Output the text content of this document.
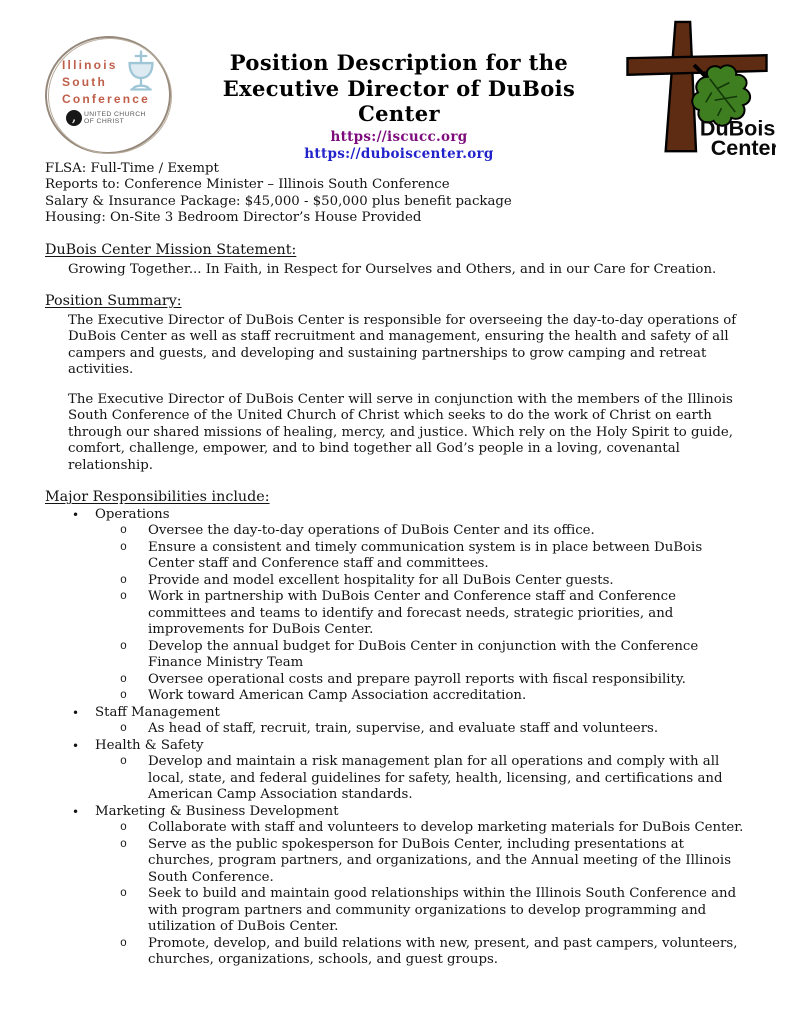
Illinois
South
Conference
,	UNITED CHURCH
OF CHRIST
Position Description for the
Executive Director of DuBois Center
https://iscucc.org
https://duboiscenter.org
DuBois
Center
FLSA: Full-Time / Exempt
Reports to: Conference Minister – Illinois South Conference
Salary & Insurance Package: $45,000 - $50,000 plus benefit package
Housing: On-Site 3 Bedroom Director’s House Provided
DuBois Center Mission Statement:
Growing Together... In Faith, in Respect for Ourselves and Others, and in our Care for Creation.
Position Summary:
The Executive Director of DuBois Center is responsible for overseeing the day-to-day operations of DuBois Center as well as staff recruitment and management, ensuring the health and safety of all campers and guests, and developing and sustaining partnerships to grow camping and retreat activities.
The Executive Director of DuBois Center will serve in conjunction with the members of the Illinois South Conference of the United Church of Christ which seeks to do the work of Christ on earth through our shared missions of healing, mercy, and justice. Which rely on the Holy Spirit to guide, comfort, challenge, empower, and to bind together all God’s people in a loving, covenantal relationship.
Major Responsibilities include:
•	Operations
o	Oversee the day-to-day operations of DuBois Center and its office.
o	Ensure a consistent and timely communication system is in place between DuBois Center staff and Conference staff and committees.
o	Provide and model excellent hospitality for all DuBois Center guests.
o	Work in partnership with DuBois Center and Conference staff and Conference committees and teams to identify and forecast needs, strategic priorities, and improvements for DuBois Center.
o	Develop the annual budget for DuBois Center in conjunction with the Conference Finance Ministry Team
o	Oversee operational costs and prepare payroll reports with fiscal responsibility.
o	Work toward American Camp Association accreditation.
•	Staff Management
o	As head of staff, recruit, train, supervise, and evaluate staff and volunteers.
•	Health & Safety
o	Develop and maintain a risk management plan for all operations and comply with all local, state, and federal guidelines for safety, health, licensing, and certifications and American Camp Association standards.
•	Marketing & Business Development
o	Collaborate with staff and volunteers to develop marketing materials for DuBois Center.
o	Serve as the public spokesperson for DuBois Center, including presentations at churches, program partners, and organizations, and the Annual meeting of the Illinois South Conference.
o	Seek to build and maintain good relationships within the Illinois South Conference and with program partners and community organizations to develop programming and utilization of DuBois Center.
o	Promote, develop, and build relations with new, present, and past campers, volunteers, churches, organizations, schools, and guest groups.
